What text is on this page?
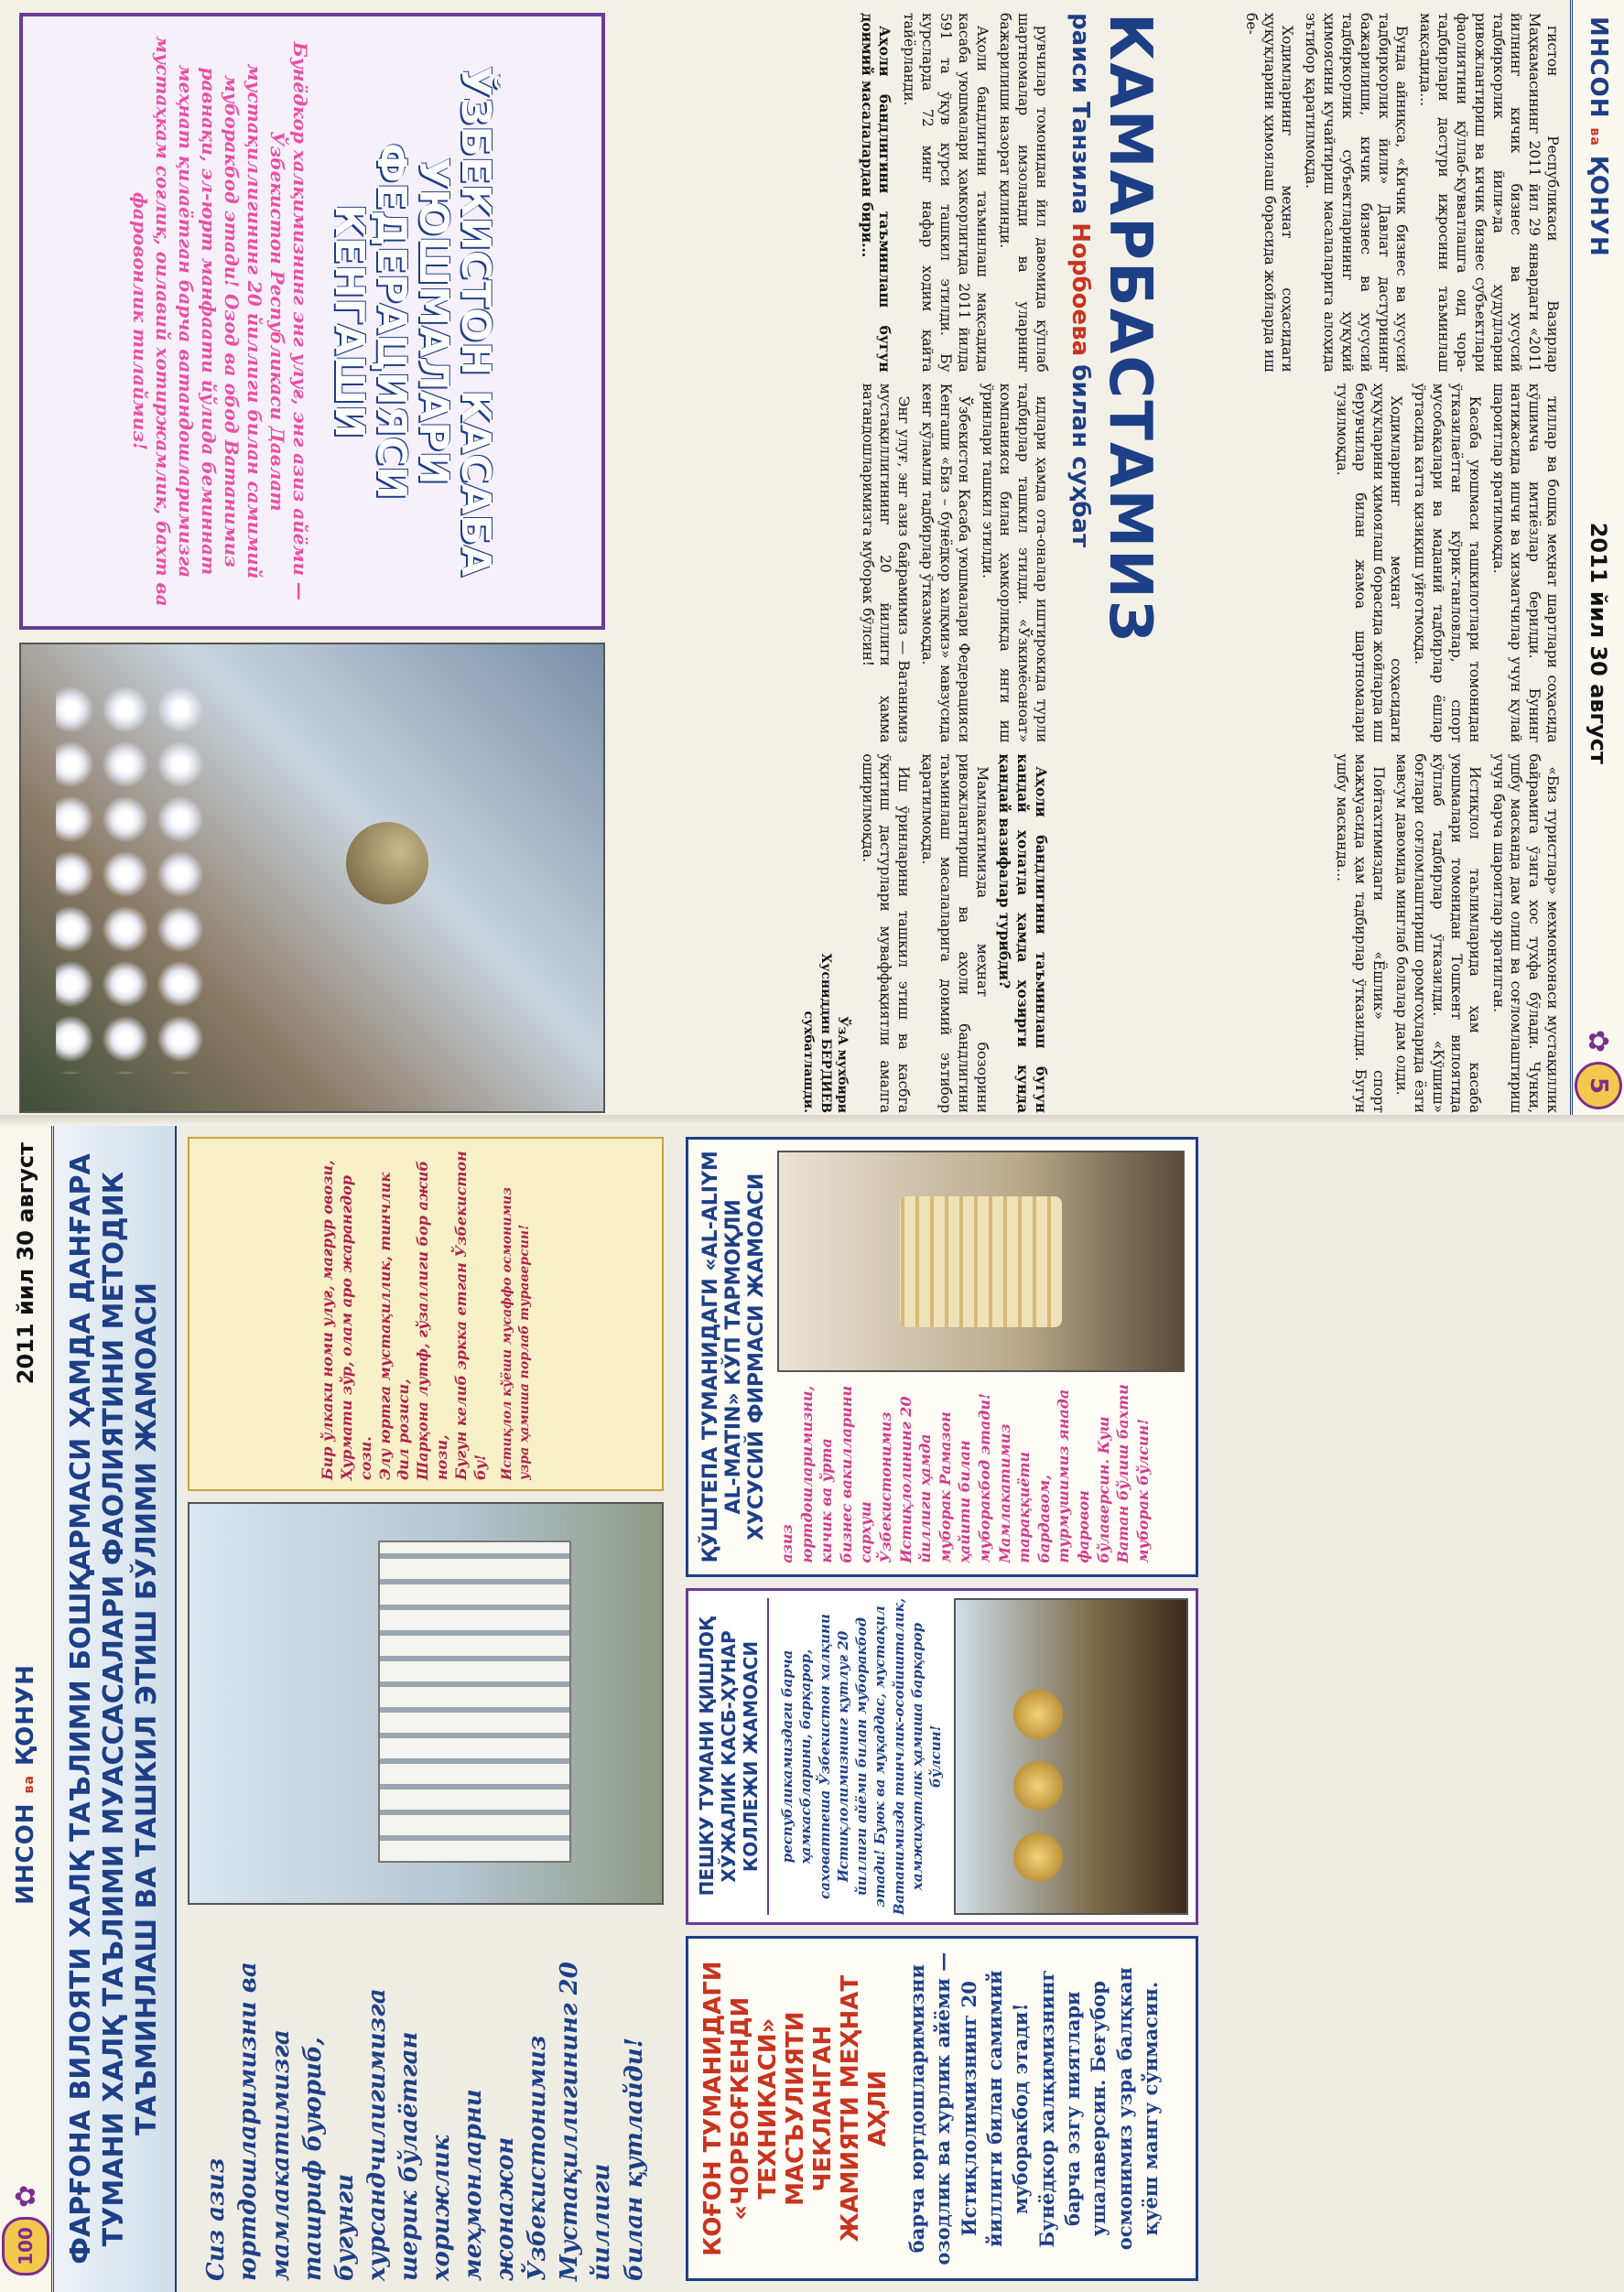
ИНСОН ва ҚОНУН
2011 йил 30 август
✿
5

гистон Республикаси Вазирлар Маҳкамасининг 2011 йил 29 январдаги «2011 йилнинг кичик бизнес ва хусусий тадбиркорлик йили»да ҳудудларни ривожлантириш ва кичик бизнес субъектлари фаолиятини қўллаб-қувватлашга оид чора-тадбирлари дастури ижросини таъминлаш мақсадида...

Бунда айниқса, «Кичик бизнес ва хусусий тадбиркорлик йили» Давлат дастурининг бажарилиши, кичик бизнес ва хусусий тадбиркорлик субъектларининг ҳуқуқий ҳимоясини кучайтириш масалаларига алоҳида эътибор қаратилмоқда.

Ходимларнинг меҳнат соҳасидаги ҳуқуқларини ҳимоялаш борасида жойларда иш бе-

тиллар ва бошқа меҳнат шартлари соҳасида кўшимча имтиёзлар берилди. Бунинг натижасида ишчи ва хизматчилар учун қулай шароитлар яратилмоқда.

Касаба уюшмаси ташкилотлари томонидан ўтказилаётган кўрик-танловлар, спорт мусобақалари ва маданий тадбирлар ёшлар ўртасида катта қизиқиш уйғотмоқда.

Ходимларнинг меҳнат соҳасидаги ҳуқуқларини ҳимоялаш борасида жойларда иш берувчилар билан жамоа шартномалари тузилмоқда.

«Биз туристлар» мехмонхонаси мустақиллик байрамига ўзига хос тухфа бўлади. Чунки, ушбу масканда дам олиш ва соғломлаштириш учун барча шароитлар яратилган.

Истиқлол таълимларида ҳам касаба уюшмалари томонидан Тошкент вилоятида кўплаб тадбирлар ўтказилди. «Кўшиш» боғлари соғломлаштириш оромгоҳларида ёзги мавсум давомида минглаб болалар дам олди.

Пойтахтимиздаги «Ёшлик» спорт мажмуасида ҳам тадбирлар ўтказилди. Бугун ушбу масканда...

КАМАРБАСТАМИЗ
раиси Танзила Норбоева билан суҳбат

рувчилар томонидан йил давомида кўплаб шартномалар имзоланди ва уларнинг бажарилиши назорат қилинди.

Аҳоли бандлигини таъминлаш мақсадида касаба уюшмалари ҳамкорлигида 2011 йилда 591 та ўқув курси ташкил этилди. Бу курсларда 72 минг нафар ходим қайта тайёрланди.

Аҳоли бандлигини таъминлаш бугун доимий масалалардан бири...

идлари ҳамда ота-оналар иштирокида турли тадбирлар ташкил этилди. «Ўзкимёсаноат» компанияси билан ҳамкорликда янги иш ўринлари ташкил этилди.

Ўзбекистон Касаба уюшмалари Федерацияси Кенгаши «Биз – бунёдкор халқмиз» мавзусида кенг кўламли тадбирлар ўтказмоқда.

Энг улуғ, энг азиз байрамимиз — Ватанимиз мустақиллигининг 20 йиллиги ҳамма ватандошларимизга муборак бўлсин!

Аҳоли бандлигини таъминлаш бугун кандай ҳолатда ҳамда ҳозирги кунда қандай вазифалар турибди?

Мамлакатимизда меҳнат бозорини ривожлантириш ва аҳоли бандлигини таъминлаш масалаларига доимий эътибор қаратилмоқда.

Иш ўринларини ташкил этиш ва касбга ўқитиш дастурлари муваффақиятли амалга оширилмоқда.

ЎзА мухбири
Хусниддин БЕРДИЕВ
сухбатлашди.
ЎЗБЕКИСТОН КАСАБА УЮШМАЛАРИ ФЕДЕРАЦИЯСИ КЕНГАШИ
Бунёдкор халқимизнинг энг улуғ, энг азиз айёми — Ўзбекистон Республикаси Давлат мустақиллигининг 20 йиллиги билан самимий муборакбод этади! Озод ва обод Ватанимиз равнақи, эл-юрт манфаати йўлида беминнат меҳнат қилаётган барча ватандошларимизга мустаҳкам соғлиқ, оилавий хотиржамлик, бахт ва фаровонлик тилаймиз!
100
✿
ИНСОН ва ҚОНУН
2011 йил 30 август ФАРҒОНА ВИЛОЯТИ ХАЛҚ ТАЪЛИМИ БОШҚАРМАСИ ҲАМДА ДАНҒАРА ТУМАНИ ХАЛҚ ТАЪЛИМИ МУАССАСАЛАРИ ФАОЛИЯТИНИ МЕТОДИК ТАЪМИНЛАШ ВА ТАШКИЛ ЭТИШ БЎЛИМИ ЖАМОАСИ
Сиз азиз юртдошларимизни ва мамлакатимизга ташриф буюриб, бугунги хурсандчилигимизга шерик бўлаётган хорижлик меҳмонларни жонажон Ўзбекистонимиз Мустақиллигининг 20 йиллиги билан қутлайди!
Бир ўлкаки номи улуғ, мағрур овози, Ҳурмати зўр, олам аро жарангдор сози. Элу юртга мустақиллик, тинчлик дил розиси, Шарқона лутф, гўзаллиги бор ажиб нози, Бугун келиб эркка етган Ўзбекистон бу! Истиқлол кўёши мусаффо осмонимиз узра ҳамиша порлаб тураверсин!
КОҒОН ТУМАНИДАГИ «ЧОРБОҒКЕНДИ ТЕХНИКАСИ» МАСЪУЛИЯТИ ЧЕКЛАНГАН ЖАМИЯТИ МЕҲНАТ АҲЛИ барча юртдошларимизни озодлик ва хурлик айёми — Истиқлолимизнинг 20 йиллиги билан самимий муборакбод этади! Бунёдкор халқимизнинг барча эзгу ниятлари ушалаверсин. Беғубор осмонимиз узра балқкан қуёш мангу сўнмасин.
ПЕШКУ ТУМАНИ ҚИШЛОҚ ХЎЖАЛИК КАСБ-ҲУНАР КОЛЛЕЖИ ЖАМОАСИ	республикамиздаги барча ҳамкасбларини, барқарор, саховатпеша Ўзбекистон халқини Истиқлолимизнинг қутлуғ 20 йиллиги айёми билан муборакбод этади! Буюк ва муқаддас, мустақил Ватанимизда тинчлик-осойишталик, хамжиҳатлик ҳамиша барқарор бўлсин!
ҚЎШТЕПА ТУМАНИДАГИ «AL-ALIYM AL-MATIN» КЎП ТАРМОҚЛИ ХУСУСИЙ ФИРМАСИ ЖАМОАСИ
азиз юртдошларимизни, кичик ва ўрта бизнес вакилларини сархуш Ўзбекистонимиз Истиқлолининг 20 йиллиги ҳамда муборак Рамазон ҳайити билан муборакбод этади! Мамлакатимиз тараққиёти бардавом, турмушимиз янада фаровон бўлаверсин. Куш Ватан бўлиш бахти муборак бўлсин!
